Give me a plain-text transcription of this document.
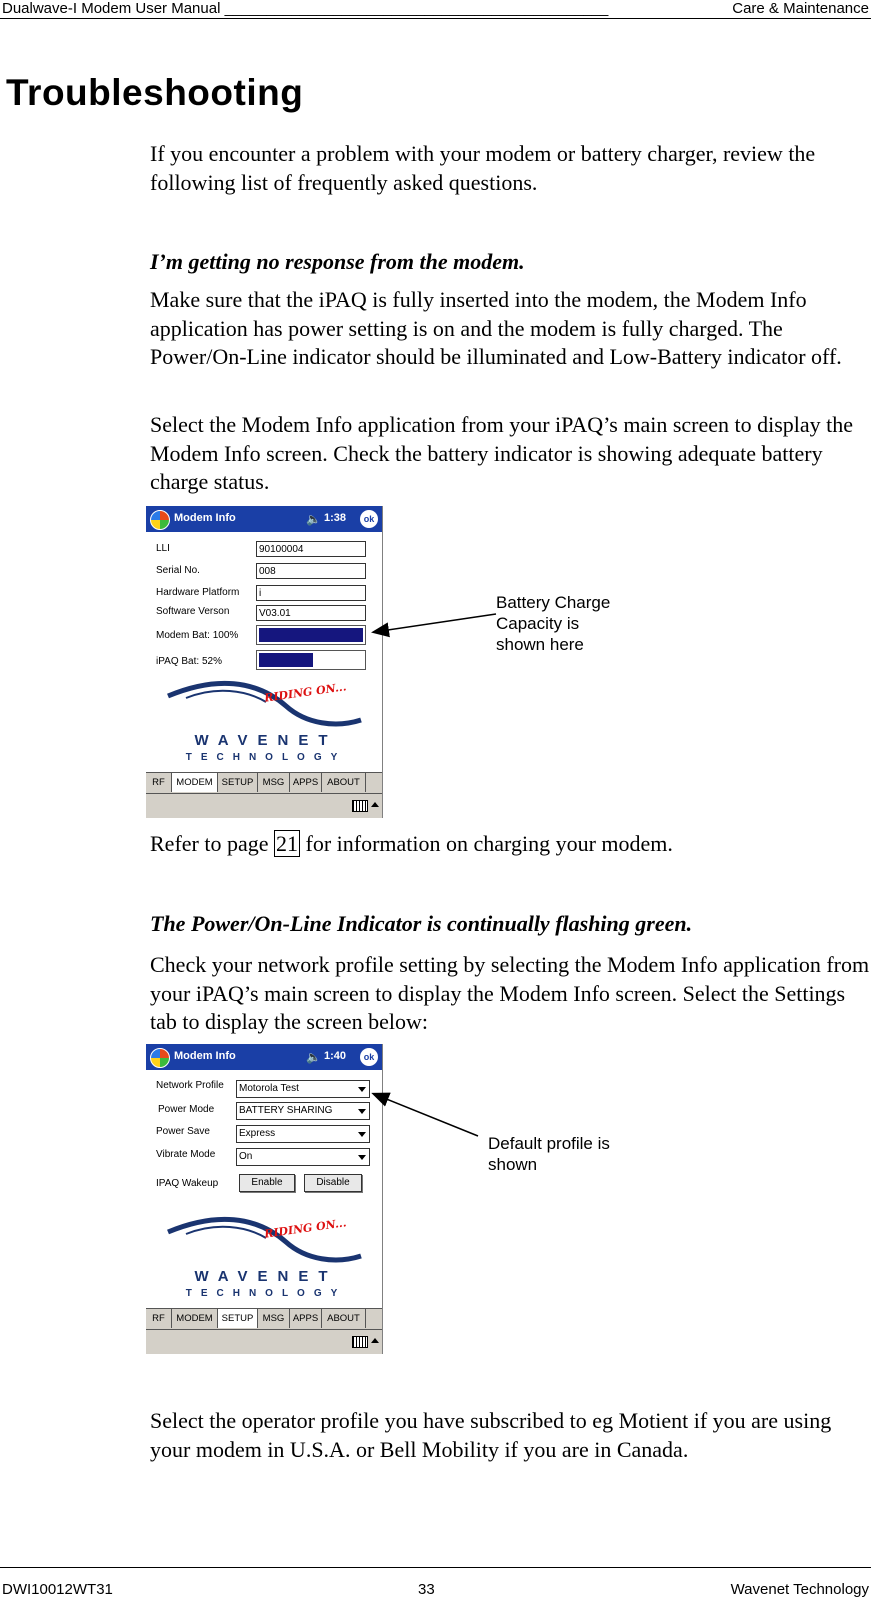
Dualwave-I Modem User Manual ______________________________________________	Care & Maintenance
Troubleshooting

If you encounter a problem with your modem or battery charger, review the following list of frequently asked questions.

I’m getting no response from the modem.

Make sure that the iPAQ is fully inserted into the modem, the Modem Info application has power setting is on and the modem is fully charged. The Power/On-Line indicator should be illuminated and Low-Battery indicator off.

Select the Modem Info application from your iPAQ’s main screen to display the Modem Info screen. Check the battery indicator is showing adequate battery charge status.

Modem Info	🔈 1:38	ok
LLI	90100004
Serial No.	008
Hardware Platform	i
Software Verson	V03.01
Modem Bat: 100%
iPAQ Bat: 52%
RIDING ON...
WAVENET
TECHNOLOGY
RF	MODEM SETUP MSG APPS ABOUT
Battery Charge
Capacity is
shown here

Refer to page 21 for information on charging your modem.

The Power/On-Line Indicator is continually flashing green.

Check your network profile setting by selecting the Modem Info application from your iPAQ’s main screen to display the Modem Info screen. Select the Settings tab to display the screen below:

Modem Info	🔈 1:40	ok
Network Profile	Motorola Test
Power Mode	BATTERY SHARING
Power Save	Express
Vibrate Mode	On
IPAQ Wakeup	Enable	Disable
RIDING ON...
WAVENET
TECHNOLOGY
RF	MODEM SETUP MSG APPS ABOUT
Default profile is
shown

Select the operator profile you have subscribed to eg Motient if you are using your modem in U.S.A. or Bell Mobility if you are in Canada.

DWI10012WT31	33	Wavenet Technology
